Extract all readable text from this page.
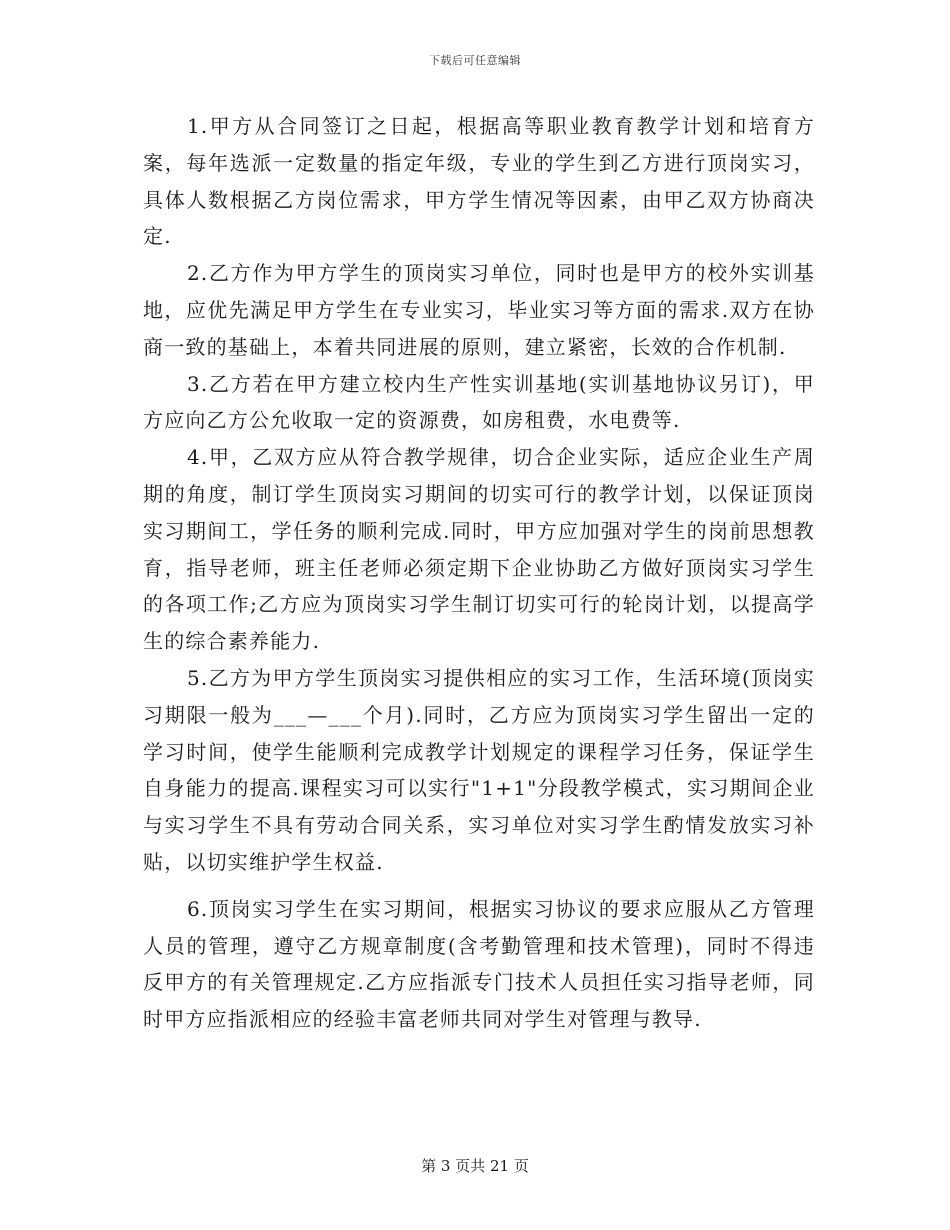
下载后可任意编辑

1.甲方从合同签订之日起，根据高等职业教育教学计划和培育方案，每年选派一定数量的指定年级，专业的学生到乙方进行顶岗实习，具体人数根据乙方岗位需求，甲方学生情况等因素，由甲乙双方协商决定.

2.乙方作为甲方学生的顶岗实习单位，同时也是甲方的校外实训基地，应优先满足甲方学生在专业实习，毕业实习等方面的需求.双方在协商一致的基础上，本着共同进展的原则，建立紧密，长效的合作机制.

3.乙方若在甲方建立校内生产性实训基地(实训基地协议另订)，甲方应向乙方公允收取一定的资源费，如房租费，水电费等.

4.甲，乙双方应从符合教学规律，切合企业实际，适应企业生产周期的角度，制订学生顶岗实习期间的切实可行的教学计划，以保证顶岗实习期间工，学任务的顺利完成.同时，甲方应加强对学生的岗前思想教育，指导老师，班主任老师必须定期下企业协助乙方做好顶岗实习学生的各项工作;乙方应为顶岗实习学生制订切实可行的轮岗计划，以提高学生的综合素养能力.

5.乙方为甲方学生顶岗实习提供相应的实习工作，生活环境(顶岗实习期限一般为___—___个月).同时，乙方应为顶岗实习学生留出一定的学习时间，使学生能顺利完成教学计划规定的课程学习任务，保证学生自身能力的提高.课程实习可以实行"1+1"分段教学模式，实习期间企业与实习学生不具有劳动合同关系，实习单位对实习学生酌情发放实习补贴，以切实维护学生权益.

6.顶岗实习学生在实习期间，根据实习协议的要求应服从乙方管理人员的管理，遵守乙方规章制度(含考勤管理和技术管理)，同时不得违反甲方的有关管理规定.乙方应指派专门技术人员担任实习指导老师，同时甲方应指派相应的经验丰富老师共同对学生对管理与教导.

第 3 页共 21 页
